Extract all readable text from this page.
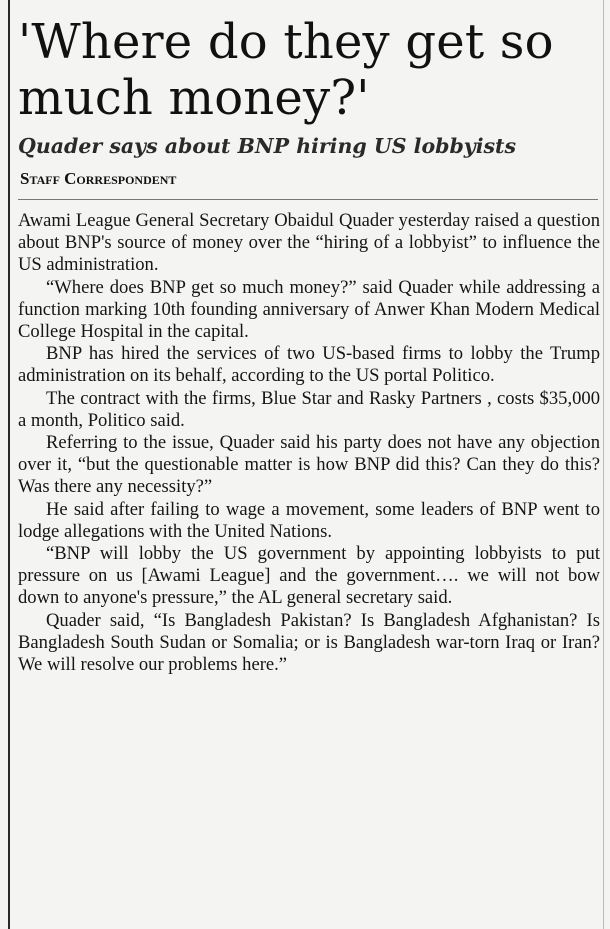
'Where do they get so much money?'
Quader says about BNP hiring US lobbyists
Staff Correspondent

Awami League General Secretary Obaidul Quader yesterday raised a question about BNP's source of money over the “hiring of a lobbyist” to influence the US administration.

“Where does BNP get so much money?” said Quader while addressing a function marking 10th founding anniversary of Anwer Khan Modern Medical College Hospital in the capital.

BNP has hired the services of two US-based firms to lobby the Trump administration on its behalf, according to the US portal Politico.

The contract with the firms, Blue Star and Rasky Partners , costs $35,000 a month, Politico said.

Referring to the issue, Quader said his party does not have any objection over it, “but the questionable matter is how BNP did this? Can they do this? Was there any necessity?”

He said after failing to wage a movement, some leaders of BNP went to lodge allegations with the United Nations.

“BNP will lobby the US government by appointing lobbyists to put pressure on us [Awami League] and the government…. we will not bow down to anyone's pressure,” the AL general secretary said.

Quader said, “Is Bangladesh Pakistan? Is Bangladesh Afghanistan? Is Bangladesh South Sudan or Somalia; or is Bangladesh war-torn Iraq or Iran? We will resolve our problems here.”
